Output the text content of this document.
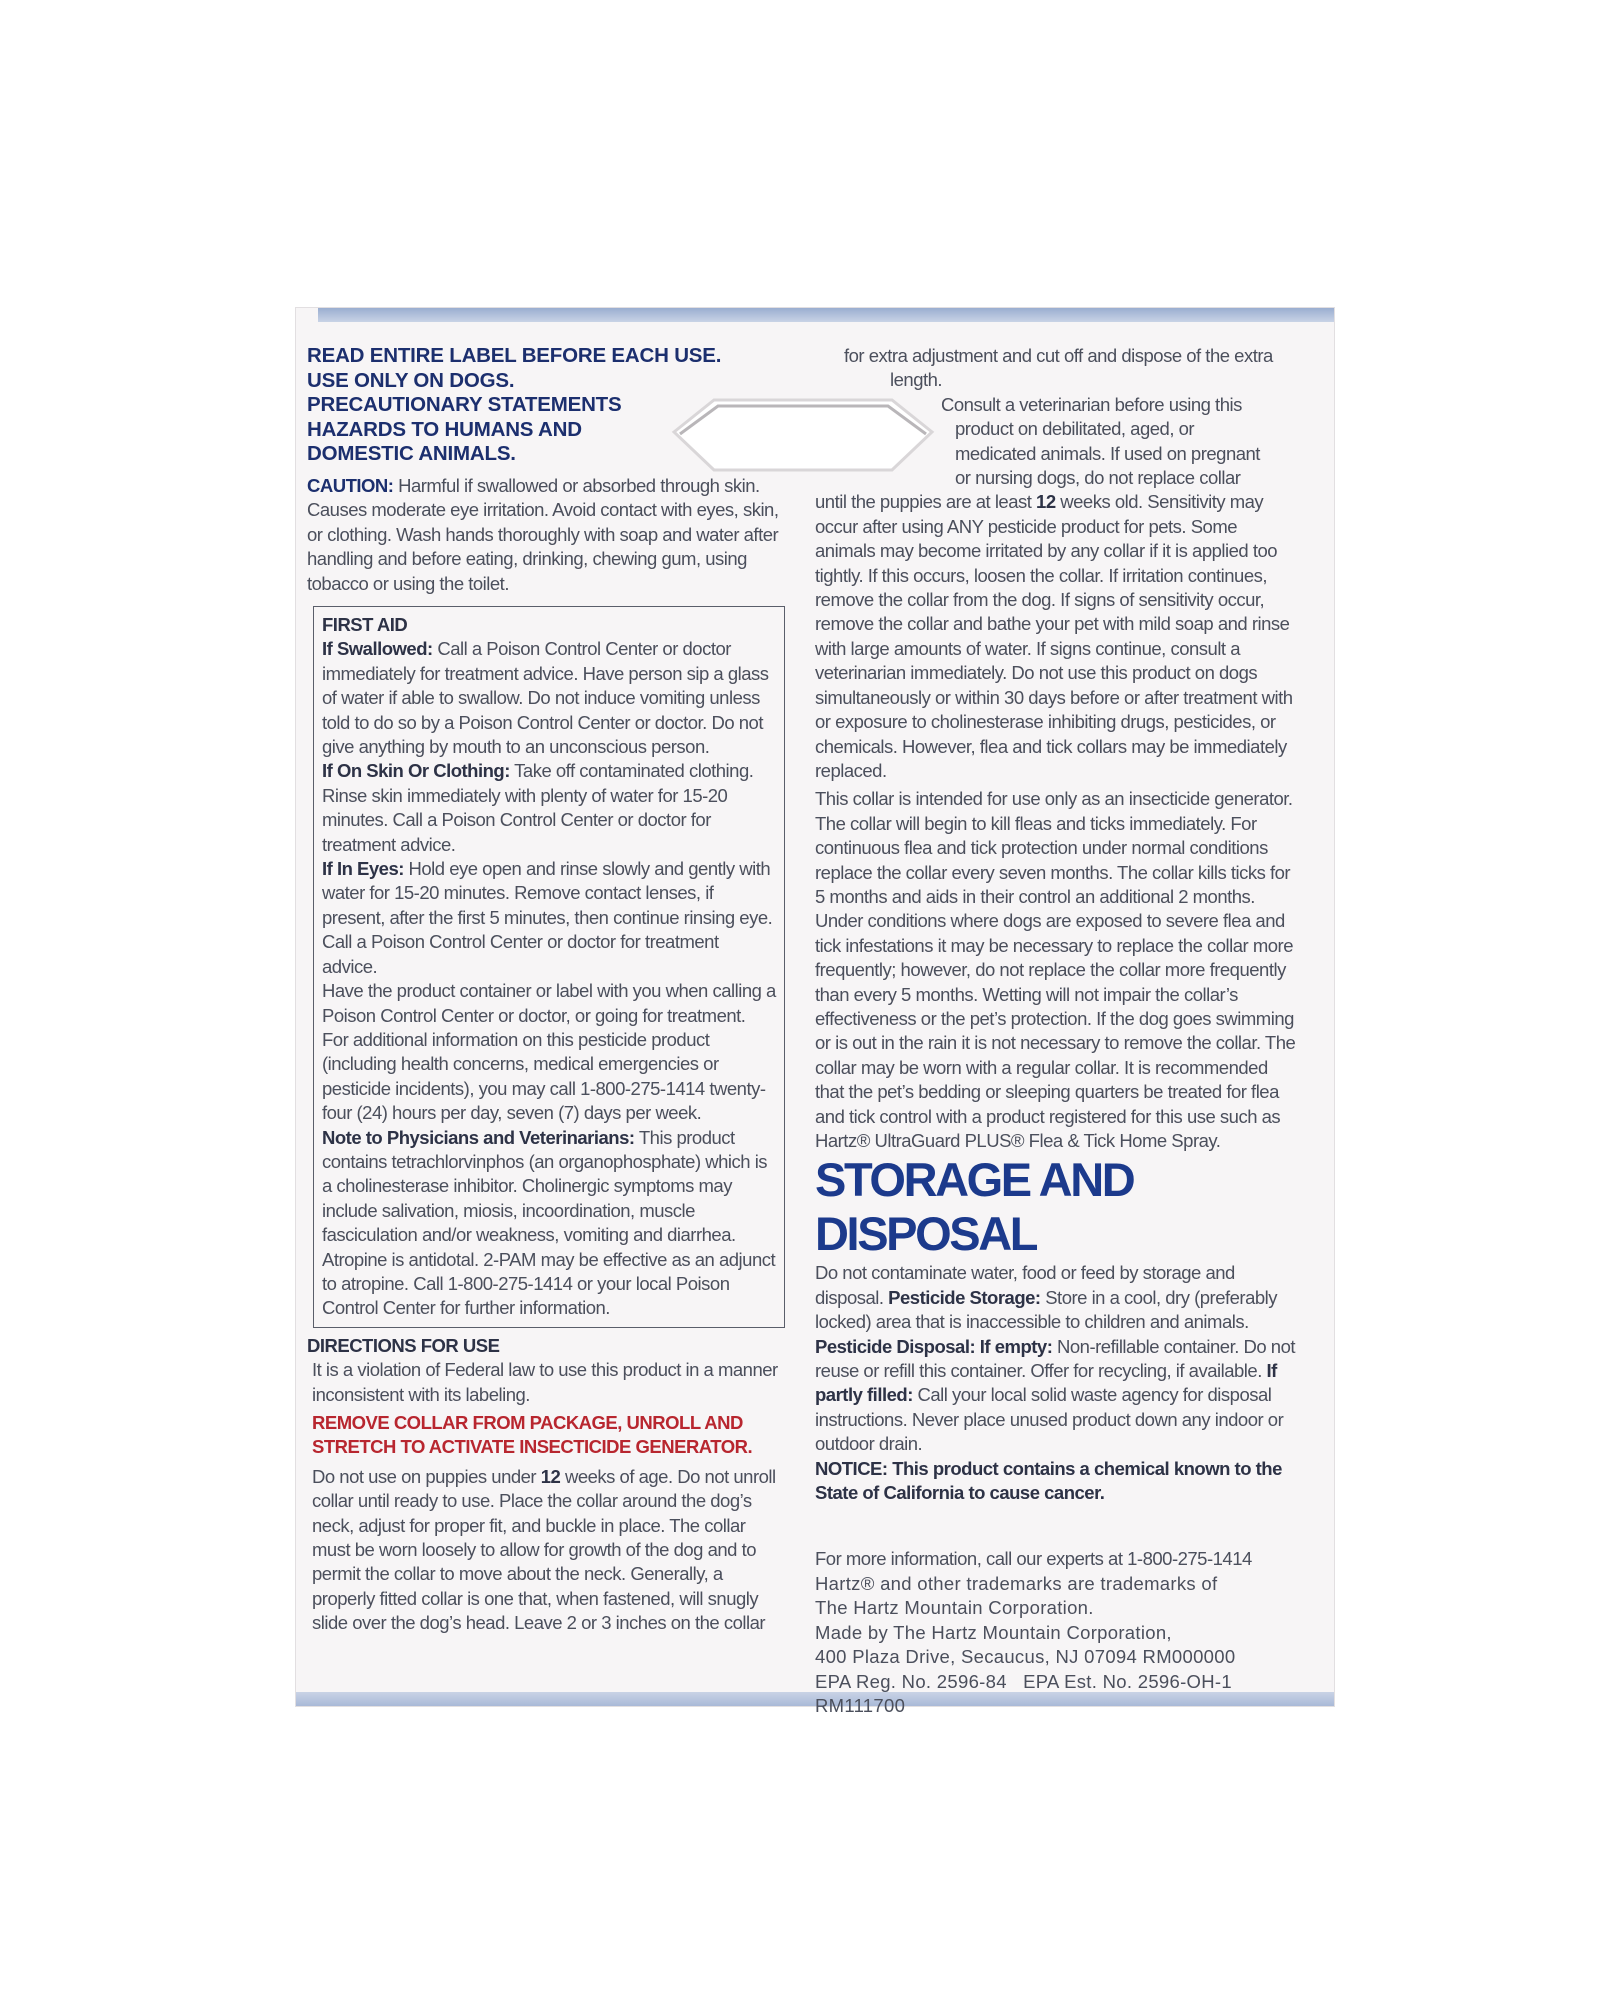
READ ENTIRE LABEL BEFORE EACH USE.

USE ONLY ON DOGS.

PRECAUTIONARY STATEMENTS

HAZARDS TO HUMANS AND

DOMESTIC ANIMALS.

CAUTION: Harmful if swallowed or absorbed through skin. Causes moderate eye irritation. Avoid contact with eyes, skin, or clothing. Wash hands thoroughly with soap and water after handling and before eating, drinking, chewing gum, using tobacco or using the toilet.

FIRST AID

If Swallowed: Call a Poison Control Center or doctor immediately for treatment advice. Have person sip a glass of water if able to swallow. Do not induce vomiting unless told to do so by a Poison Control Center or doctor. Do not give anything by mouth to an unconscious person.

If On Skin Or Clothing: Take off contaminated clothing. Rinse skin immediately with plenty of water for 15-20 minutes. Call a Poison Control Center or doctor for treatment advice.

If In Eyes: Hold eye open and rinse slowly and gently with water for 15-20 minutes. Remove contact lenses, if present, after the first 5 minutes, then continue rinsing eye. Call a Poison Control Center or doctor for treatment advice.

Have the product container or label with you when calling a Poison Control Center or doctor, or going for treatment. For additional information on this pesticide product (including health concerns, medical emergencies or pesticide incidents), you may call 1-800-275-1414 twenty-four (24) hours per day, seven (7) days per week.

Note to Physicians and Veterinarians: This product contains tetrachlorvinphos (an organophosphate) which is a cholinesterase inhibitor. Cholinergic symptoms may include salivation, miosis, incoordination, muscle fasciculation and/or weakness, vomiting and diarrhea. Atropine is antidotal. 2-PAM may be effective as an adjunct to atropine. Call 1-800-275-1414 or your local Poison Control Center for further information.

DIRECTIONS FOR USE

It is a violation of Federal law to use this product in a manner inconsistent with its labeling.

REMOVE COLLAR FROM PACKAGE, UNROLL AND STRETCH TO ACTIVATE INSECTICIDE GENERATOR.

Do not use on puppies under 12 weeks of age. Do not unroll collar until ready to use. Place the collar around the dog’s neck, adjust for proper fit, and buckle in place. The collar must be worn loosely to allow for growth of the dog and to permit the collar to move about the neck. Generally, a properly fitted collar is one that, when fastened, will snugly slide over the dog’s head. Leave 2 or 3 inches on the collar

for extra adjustment and cut off and dispose of the extra

length.

Consult a veterinarian before using this

product on debilitated, aged, or

medicated animals. If used on pregnant

or nursing dogs, do not replace collar

until the puppies are at least 12 weeks old. Sensitivity may occur after using ANY pesticide product for pets. Some animals may become irritated by any collar if it is applied too tightly. If this occurs, loosen the collar. If irritation continues, remove the collar from the dog. If signs of sensitivity occur, remove the collar and bathe your pet with mild soap and rinse with large amounts of water. If signs continue, consult a veterinarian immediately. Do not use this product on dogs simultaneously or within 30 days before or after treatment with or exposure to cholinesterase inhibiting drugs, pesticides, or chemicals. However, flea and tick collars may be immediately replaced.

This collar is intended for use only as an insecticide generator. The collar will begin to kill fleas and ticks immediately. For continuous flea and tick protection under normal conditions replace the collar every seven months. The collar kills ticks for 5 months and aids in their control an additional 2 months. Under conditions where dogs are exposed to severe flea and tick infestations it may be necessary to replace the collar more frequently; however, do not replace the collar more frequently than every 5 months. Wetting will not impair the collar’s effectiveness or the pet’s protection. If the dog goes swimming or is out in the rain it is not necessary to remove the collar. The collar may be worn with a regular collar. It is recommended that the pet’s bedding or sleeping quarters be treated for flea and tick control with a product registered for this use such as Hartz® UltraGuard PLUS® Flea & Tick Home Spray.

STORAGE AND DISPOSAL

Do not contaminate water, food or feed by storage and disposal. Pesticide Storage: Store in a cool, dry (preferably locked) area that is inaccessible to children and animals. Pesticide Disposal: If empty: Non-refillable container. Do not reuse or refill this container. Offer for recycling, if available. If partly filled: Call your local solid waste agency for disposal instructions. Never place unused product down any indoor or outdoor drain.

NOTICE: This product contains a chemical known to the State of California to cause cancer.

For more information, call our experts at 1-800-275-1414

Hartz® and other trademarks are trademarks of

The Hartz Mountain Corporation.

Made by The Hartz Mountain Corporation,

400 Plaza Drive, Secaucus, NJ 07094 RM000000

EPA Reg. No. 2596-84   EPA Est. No. 2596-OH-1

RM111700
